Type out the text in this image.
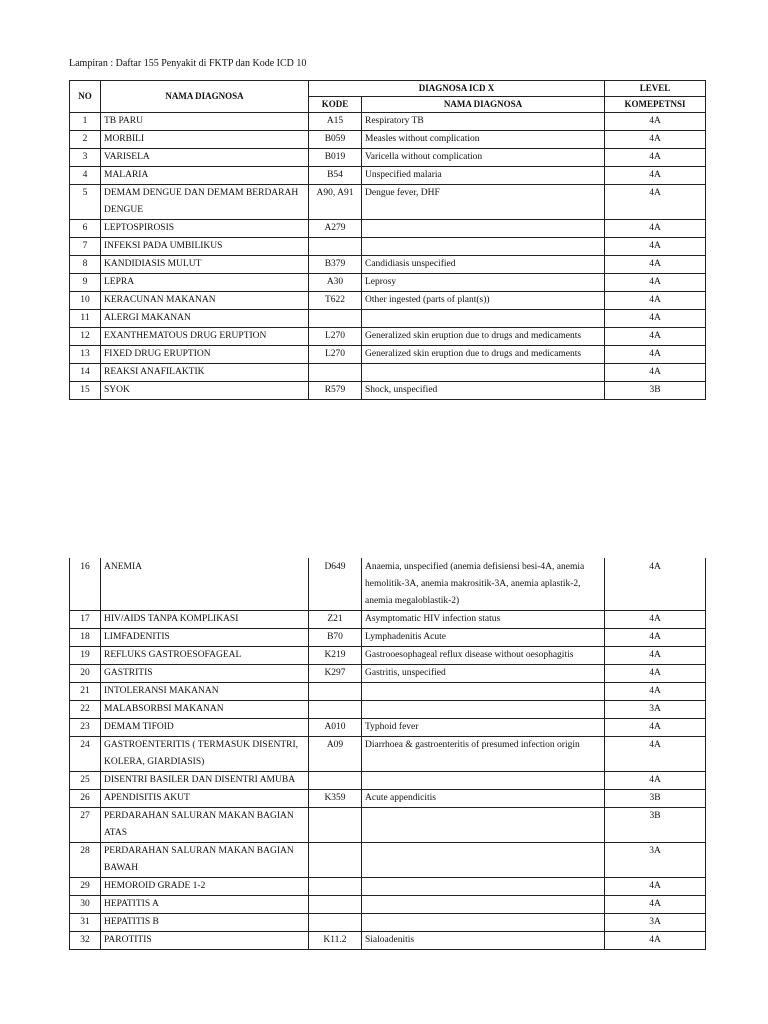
Lampiran : Daftar 155 Penyakit di FKTP dan Kode ICD 10
NO	NAMA DIAGNOSA	DIAGNOSA ICD X		LEVEL
		KODE	NAMA DIAGNOSA	KOMEPETNSI
1	TB PARU	A15	Respiratory TB	4A
2	MORBILI	B059	Measles without complication	4A
3	VARISELA	B019	Varicella without complication	4A
4	MALARIA	B54	Unspecified malaria	4A
5	DEMAM DENGUE DAN DEMAM BERDARAH DENGUE	A90, A91	Dengue fever, DHF	4A
6	LEPTOSPIROSIS	A279		4A
7	INFEKSI PADA UMBILIKUS			4A
8	KANDIDIASIS MULUT	B379	Candidiasis unspecified	4A
9	LEPRA	A30	Leprosy	4A
10	KERACUNAN MAKANAN	T622	Other ingested (parts of plant(s))	4A
11	ALERGI MAKANAN			4A
12	EXANTHEMATOUS DRUG ERUPTION	L270	Generalized skin eruption due to drugs and medicaments	4A
13	FIXED DRUG ERUPTION	L270	Generalized skin eruption due to drugs and medicaments	4A
14	REAKSI ANAFILAKTIK			4A
15	SYOK	R579	Shock, unspecified	3B
16	ANEMIA	D649	Anaemia, unspecified (anemia defisiensi besi-4A, anemia hemolitik-3A, anemia makrositik-3A, anemia aplastik-2, anemia megaloblastik-2)	4A
17	HIV/AIDS TANPA KOMPLIKASI	Z21	Asymptomatic HIV infection status	4A
18	LIMFADENITIS	B70	Lymphadenitis Acute	4A
19	REFLUKS GASTROESOFAGEAL	K219	Gastrooesophageal reflux disease without oesophagitis	4A
20	GASTRITIS	K297	Gastritis, unspecified	4A
21	INTOLERANSI MAKANAN			4A
22	MALABSORBSI MAKANAN			3A
23	DEMAM TIFOID	A010	Typhoid fever	4A
24	GASTROENTERITIS ( TERMASUK DISENTRI, KOLERA, GIARDIASIS)	A09	Diarrhoea & gastroenteritis of presumed infection origin	4A
25	DISENTRI BASILER DAN DISENTRI AMUBA			4A
26	APENDISITIS AKUT	K359	Acute appendicitis	3B
27	PERDARAHAN SALURAN MAKAN BAGIAN ATAS			3B
28	PERDARAHAN SALURAN MAKAN BAGIAN BAWAH			3A
29	HEMOROID GRADE 1-2			4A
30	HEPATITIS A			4A
31	HEPATITIS B			3A
32	PAROTITIS	K11.2	Sialoadenitis	4A
